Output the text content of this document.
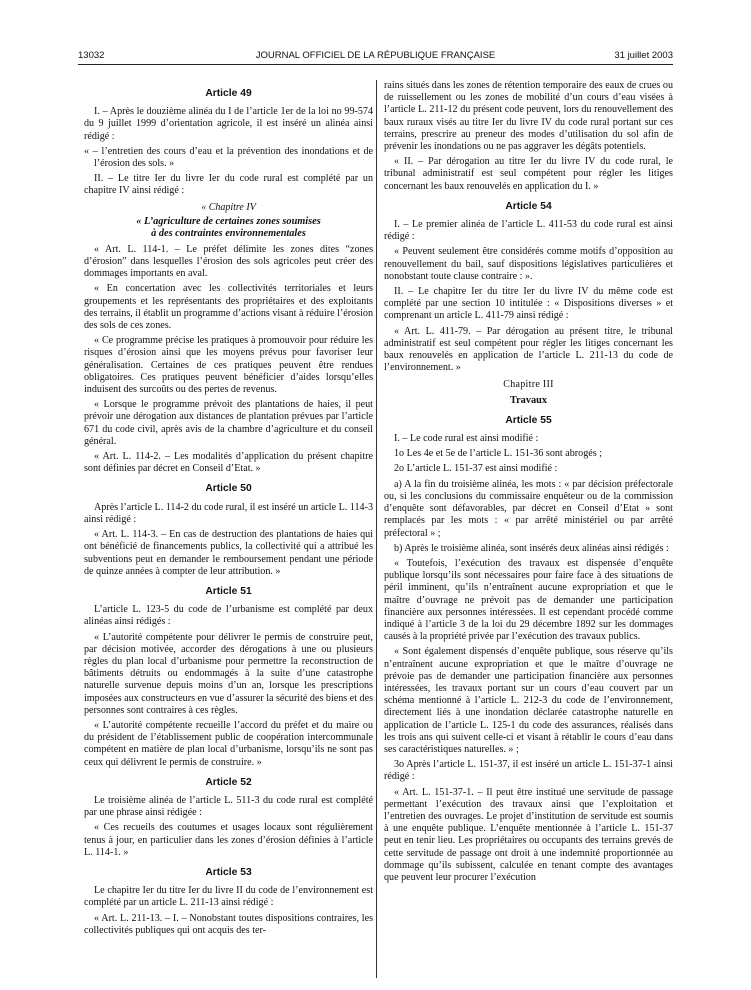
13032	JOURNAL OFFICIEL DE LA RÉPUBLIQUE FRANÇAISE	31 juillet 2003
Article 49

I. – Après le douzième alinéa du I de l’article 1er de la loi no 99-574 du 9 juillet 1999 d’orientation agricole, il est inséré un alinéa ainsi rédigé :

« – l’entretien des cours d’eau et la prévention des inondations et de l’érosion des sols. »

II. – Le titre Ier du livre Ier du code rural est complété par un chapitre IV ainsi rédigé :

« Chapitre IV
« L’agriculture de certaines zones soumises
à des contraintes environnementales

« Art. L. 114-1. – Le préfet délimite les zones dites “zones d’érosion” dans lesquelles l’érosion des sols agricoles peut créer des dommages importants en aval.

« En concertation avec les collectivités territoriales et leurs groupements et les représentants des propriétaires et des exploitants des terrains, il établit un programme d’actions visant à réduire l’érosion des sols de ces zones.

« Ce programme précise les pratiques à promouvoir pour réduire les risques d’érosion ainsi que les moyens prévus pour favoriser leur généralisation. Certaines de ces pratiques peuvent être rendues obligatoires. Ces pratiques peuvent bénéficier d’aides lorsqu’elles induisent des surcoûts ou des pertes de revenus.

« Lorsque le programme prévoit des plantations de haies, il peut prévoir une dérogation aux distances de plantation prévues par l’article 671 du code civil, après avis de la chambre d’agriculture et du conseil général.

« Art. L. 114-2. – Les modalités d’application du présent chapitre sont définies par décret en Conseil d’Etat. »

Article 50

Après l’article L. 114-2 du code rural, il est inséré un article L. 114-3 ainsi rédigé :

« Art. L. 114-3. – En cas de destruction des plantations de haies qui ont bénéficié de financements publics, la collectivité qui a attribué les subventions peut en demander le remboursement pendant une période de quinze années à compter de leur attribution. »

Article 51

L’article L. 123-5 du code de l’urbanisme est complété par deux alinéas ainsi rédigés :

« L’autorité compétente pour délivrer le permis de construire peut, par décision motivée, accorder des dérogations à une ou plusieurs règles du plan local d’urbanisme pour permettre la reconstruction de bâtiments détruits ou endommagés à la suite d’une catastrophe naturelle survenue depuis moins d’un an, lorsque les prescriptions imposées aux constructeurs en vue d’assurer la sécurité des biens et des personnes sont contraires à ces règles.

« L’autorité compétente recueille l’accord du préfet et du maire ou du président de l’établissement public de coopération intercommunale compétent en matière de plan local d’urbanisme, lorsqu’ils ne sont pas ceux qui délivrent le permis de construire. »

Article 52

Le troisième alinéa de l’article L. 511-3 du code rural est complété par une phrase ainsi rédigée :

« Ces recueils des coutumes et usages locaux sont régulièrement tenus à jour, en particulier dans les zones d’érosion définies à l’article L. 114-1. »

Article 53

Le chapitre Ier du titre Ier du livre II du code de l’environnement est complété par un article L. 211-13 ainsi rédigé :

« Art. L. 211-13. – I. – Nonobstant toutes dispositions contraires, les collectivités publiques qui ont acquis des ter-

rains situés dans les zones de rétention temporaire des eaux de crues ou de ruissellement ou les zones de mobilité d’un cours d’eau visées à l’article L. 211-12 du présent code peuvent, lors du renouvellement des baux ruraux visés au titre Ier du livre IV du code rural portant sur ces terrains, prescrire au preneur des modes d’utilisation du sol afin de prévenir les inondations ou ne pas aggraver les dégâts potentiels.

« II. – Par dérogation au titre Ier du livre IV du code rural, le tribunal administratif est seul compétent pour régler les litiges concernant les baux renouvelés en application du I. »

Article 54

I. – Le premier alinéa de l’article L. 411-53 du code rural est ainsi rédigé :

« Peuvent seulement être considérés comme motifs d’opposition au renouvellement du bail, sauf dispositions législatives particulières et nonobstant toute clause contraire : ».

II. – Le chapitre Ier du titre Ier du livre IV du même code est complété par une section 10 intitulée : « Dispositions diverses » et comprenant un article L. 411-79 ainsi rédigé :

« Art. L. 411-79. – Par dérogation au présent titre, le tribunal administratif est seul compétent pour régler les litiges concernant les baux renouvelés en application de l’article L. 211-13 du code de l’environnement. »

Chapitre III
Travaux
Article 55

I. – Le code rural est ainsi modifié :

1o Les 4e et 5e de l’article L. 151-36 sont abrogés ;

2o L’article L. 151-37 est ainsi modifié :

a) A la fin du troisième alinéa, les mots : « par décision préfectorale ou, si les conclusions du commissaire enquêteur ou de la commission d’enquête sont défavorables, par décret en Conseil d’Etat » sont remplacés par les mots : « par arrêté ministériel ou par arrêté préfectoral » ;

b) Après le troisième alinéa, sont insérés deux alinéas ainsi rédigés :

« Toutefois, l’exécution des travaux est dispensée d’enquête publique lorsqu’ils sont nécessaires pour faire face à des situations de péril imminent, qu’ils n’entraînent aucune expropriation et que le maître d’ouvrage ne prévoit pas de demander une participation financière aux personnes intéressées. Il est cependant procédé comme indiqué à l’article 3 de la loi du 29 décembre 1892 sur les dommages causés à la propriété privée par l’exécution des travaux publics.

« Sont également dispensés d’enquête publique, sous réserve qu’ils n’entraînent aucune expropriation et que le maître d’ouvrage ne prévoie pas de demander une participation financière aux personnes intéressées, les travaux portant sur un cours d’eau couvert par un schéma mentionné à l’article L. 212-3 du code de l’environnement, directement liés à une inondation déclarée catastrophe naturelle en application de l’article L. 125-1 du code des assurances, réalisés dans les trois ans qui suivent celle-ci et visant à rétablir le cours d’eau dans ses caractéristiques naturelles. » ;

3o Après l’article L. 151-37, il est inséré un article L. 151-37-1 ainsi rédigé :

« Art. L. 151-37-1. – Il peut être institué une servitude de passage permettant l’exécution des travaux ainsi que l’exploitation et l’entretien des ouvrages. Le projet d’institution de servitude est soumis à une enquête publique. L’enquête mentionnée à l’article L. 151-37 peut en tenir lieu. Les propriétaires ou occupants des terrains grevés de cette servitude de passage ont droit à une indemnité proportionnée au dommage qu’ils subissent, calculée en tenant compte des avantages que peuvent leur procurer l’exécution
